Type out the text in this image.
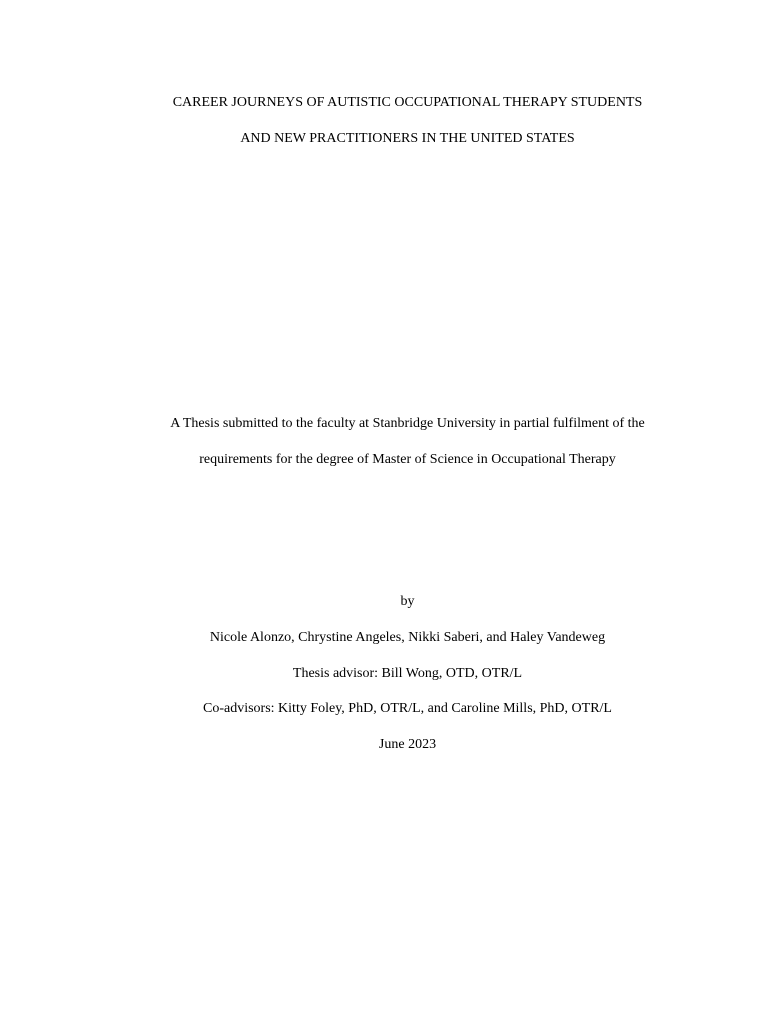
CAREER JOURNEYS OF AUTISTIC OCCUPATIONAL THERAPY STUDENTS
AND NEW PRACTITIONERS IN THE UNITED STATES
A Thesis submitted to the faculty at Stanbridge University in partial fulfilment of the
requirements for the degree of Master of Science in Occupational Therapy
by
Nicole Alonzo, Chrystine Angeles, Nikki Saberi, and Haley Vandeweg
Thesis advisor: Bill Wong, OTD, OTR/L
Co-advisors: Kitty Foley, PhD, OTR/L, and Caroline Mills, PhD, OTR/L
June 2023
